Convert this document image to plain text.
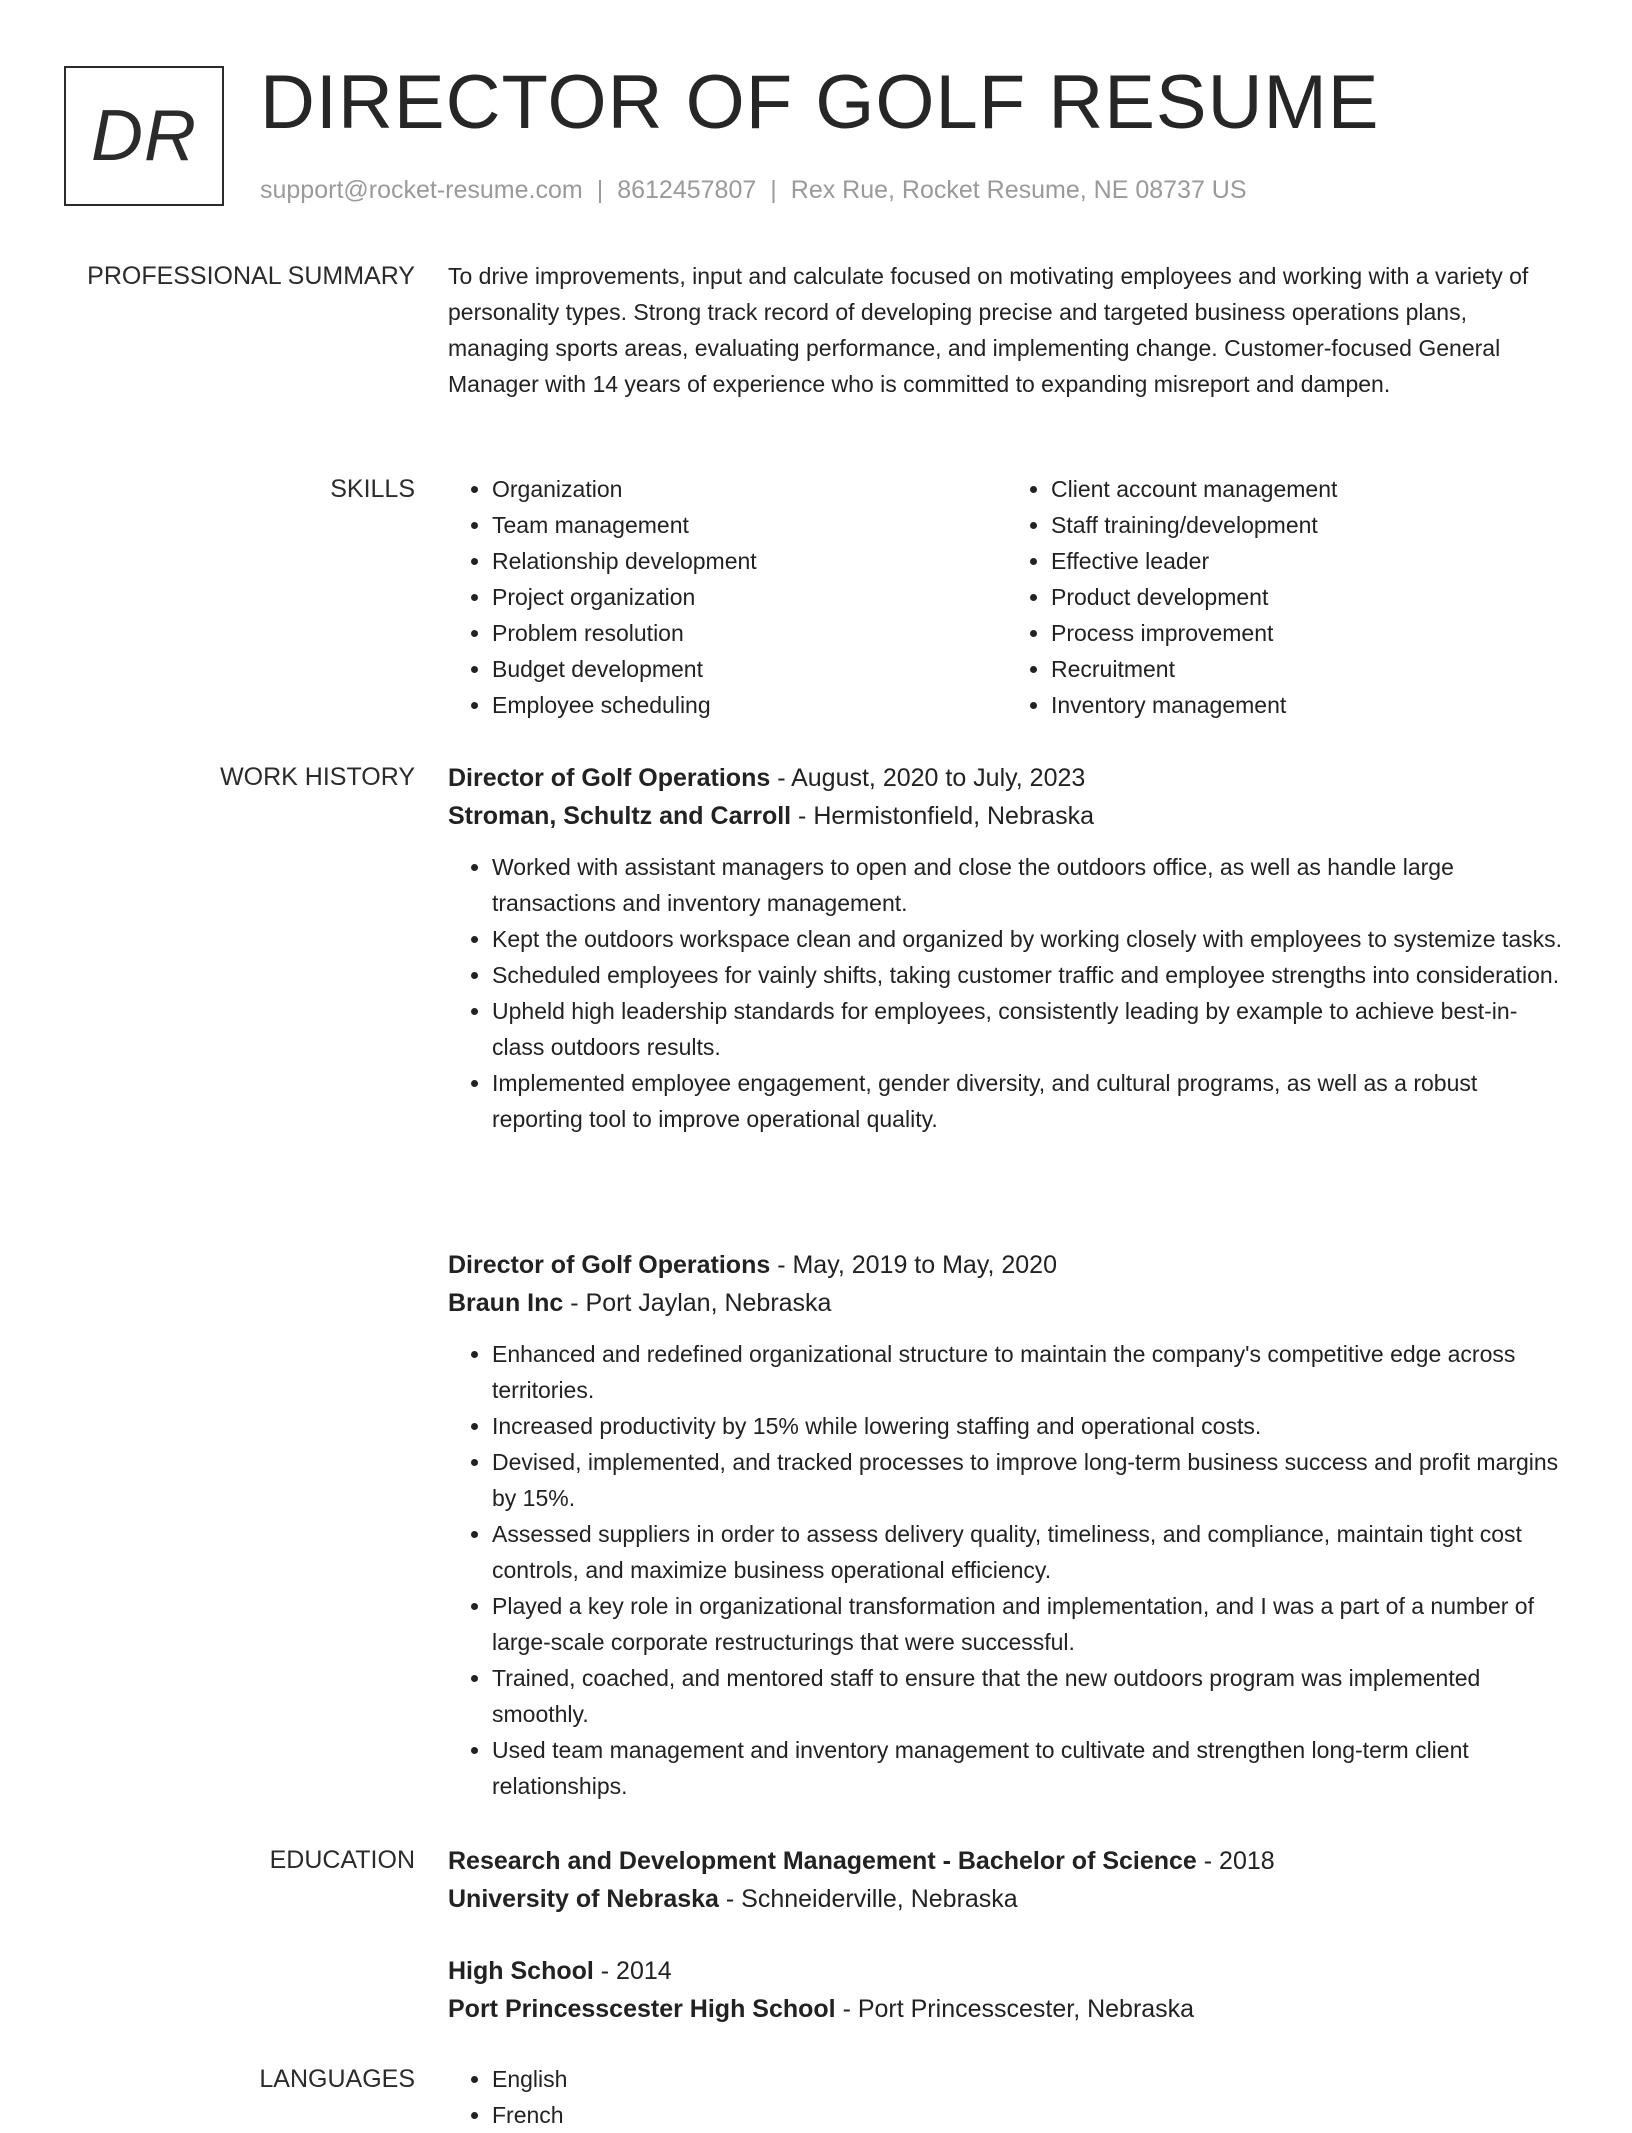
DR DIRECTOR OF GOLF RESUME
support@rocket-resume.com | 8612457807 | Rex Rue, Rocket Resume, NE 08737 US
PROFESSIONAL SUMMARY To drive improvements, input and calculate focused on motivating employees and working with a variety of personality types. Strong track record of developing precise and targeted business operations plans, managing sports areas, evaluating performance, and implementing change. Customer-focused General Manager with 14 years of experience who is committed to expanding misreport and dampen.

SKILLS	• Organization
• Team management
• Relationship development
• Project organization
• Problem resolution
• Budget development
• Employee scheduling
• Client account management
• Staff training/development
• Effective leader
• Product development
• Process improvement
• Recruitment
• Inventory management
WORK HISTORY Director of Golf Operations - August, 2020 to July, 2023
Stroman, Schultz and Carroll - Hermistonfield, Nebraska
• Worked with assistant managers to open and close the outdoors office, as well as handle large transactions and inventory management.
• Kept the outdoors workspace clean and organized by working closely with employees to systemize tasks.
• Scheduled employees for vainly shifts, taking customer traffic and employee strengths into consideration.
• Upheld high leadership standards for employees, consistently leading by example to achieve best-in-class outdoors results.
• Implemented employee engagement, gender diversity, and cultural programs, as well as a robust reporting tool to improve operational quality.
Director of Golf Operations - May, 2019 to May, 2020
Braun Inc - Port Jaylan, Nebraska
• Enhanced and redefined organizational structure to maintain the company's competitive edge across territories.
• Increased productivity by 15% while lowering staffing and operational costs.
• Devised, implemented, and tracked processes to improve long-term business success and profit margins by 15%.
• Assessed suppliers in order to assess delivery quality, timeliness, and compliance, maintain tight cost controls, and maximize business operational efficiency.
• Played a key role in organizational transformation and implementation, and I was a part of a number of large-scale corporate restructurings that were successful.
• Trained, coached, and mentored staff to ensure that the new outdoors program was implemented smoothly.
• Used team management and inventory management to cultivate and strengthen long-term client relationships.
EDUCATION Research and Development Management - Bachelor of Science - 2018
University of Nebraska - Schneiderville, Nebraska
High School - 2014
Port Princesscester High School - Port Princesscester, Nebraska
LANGUAGES	• English
• French
